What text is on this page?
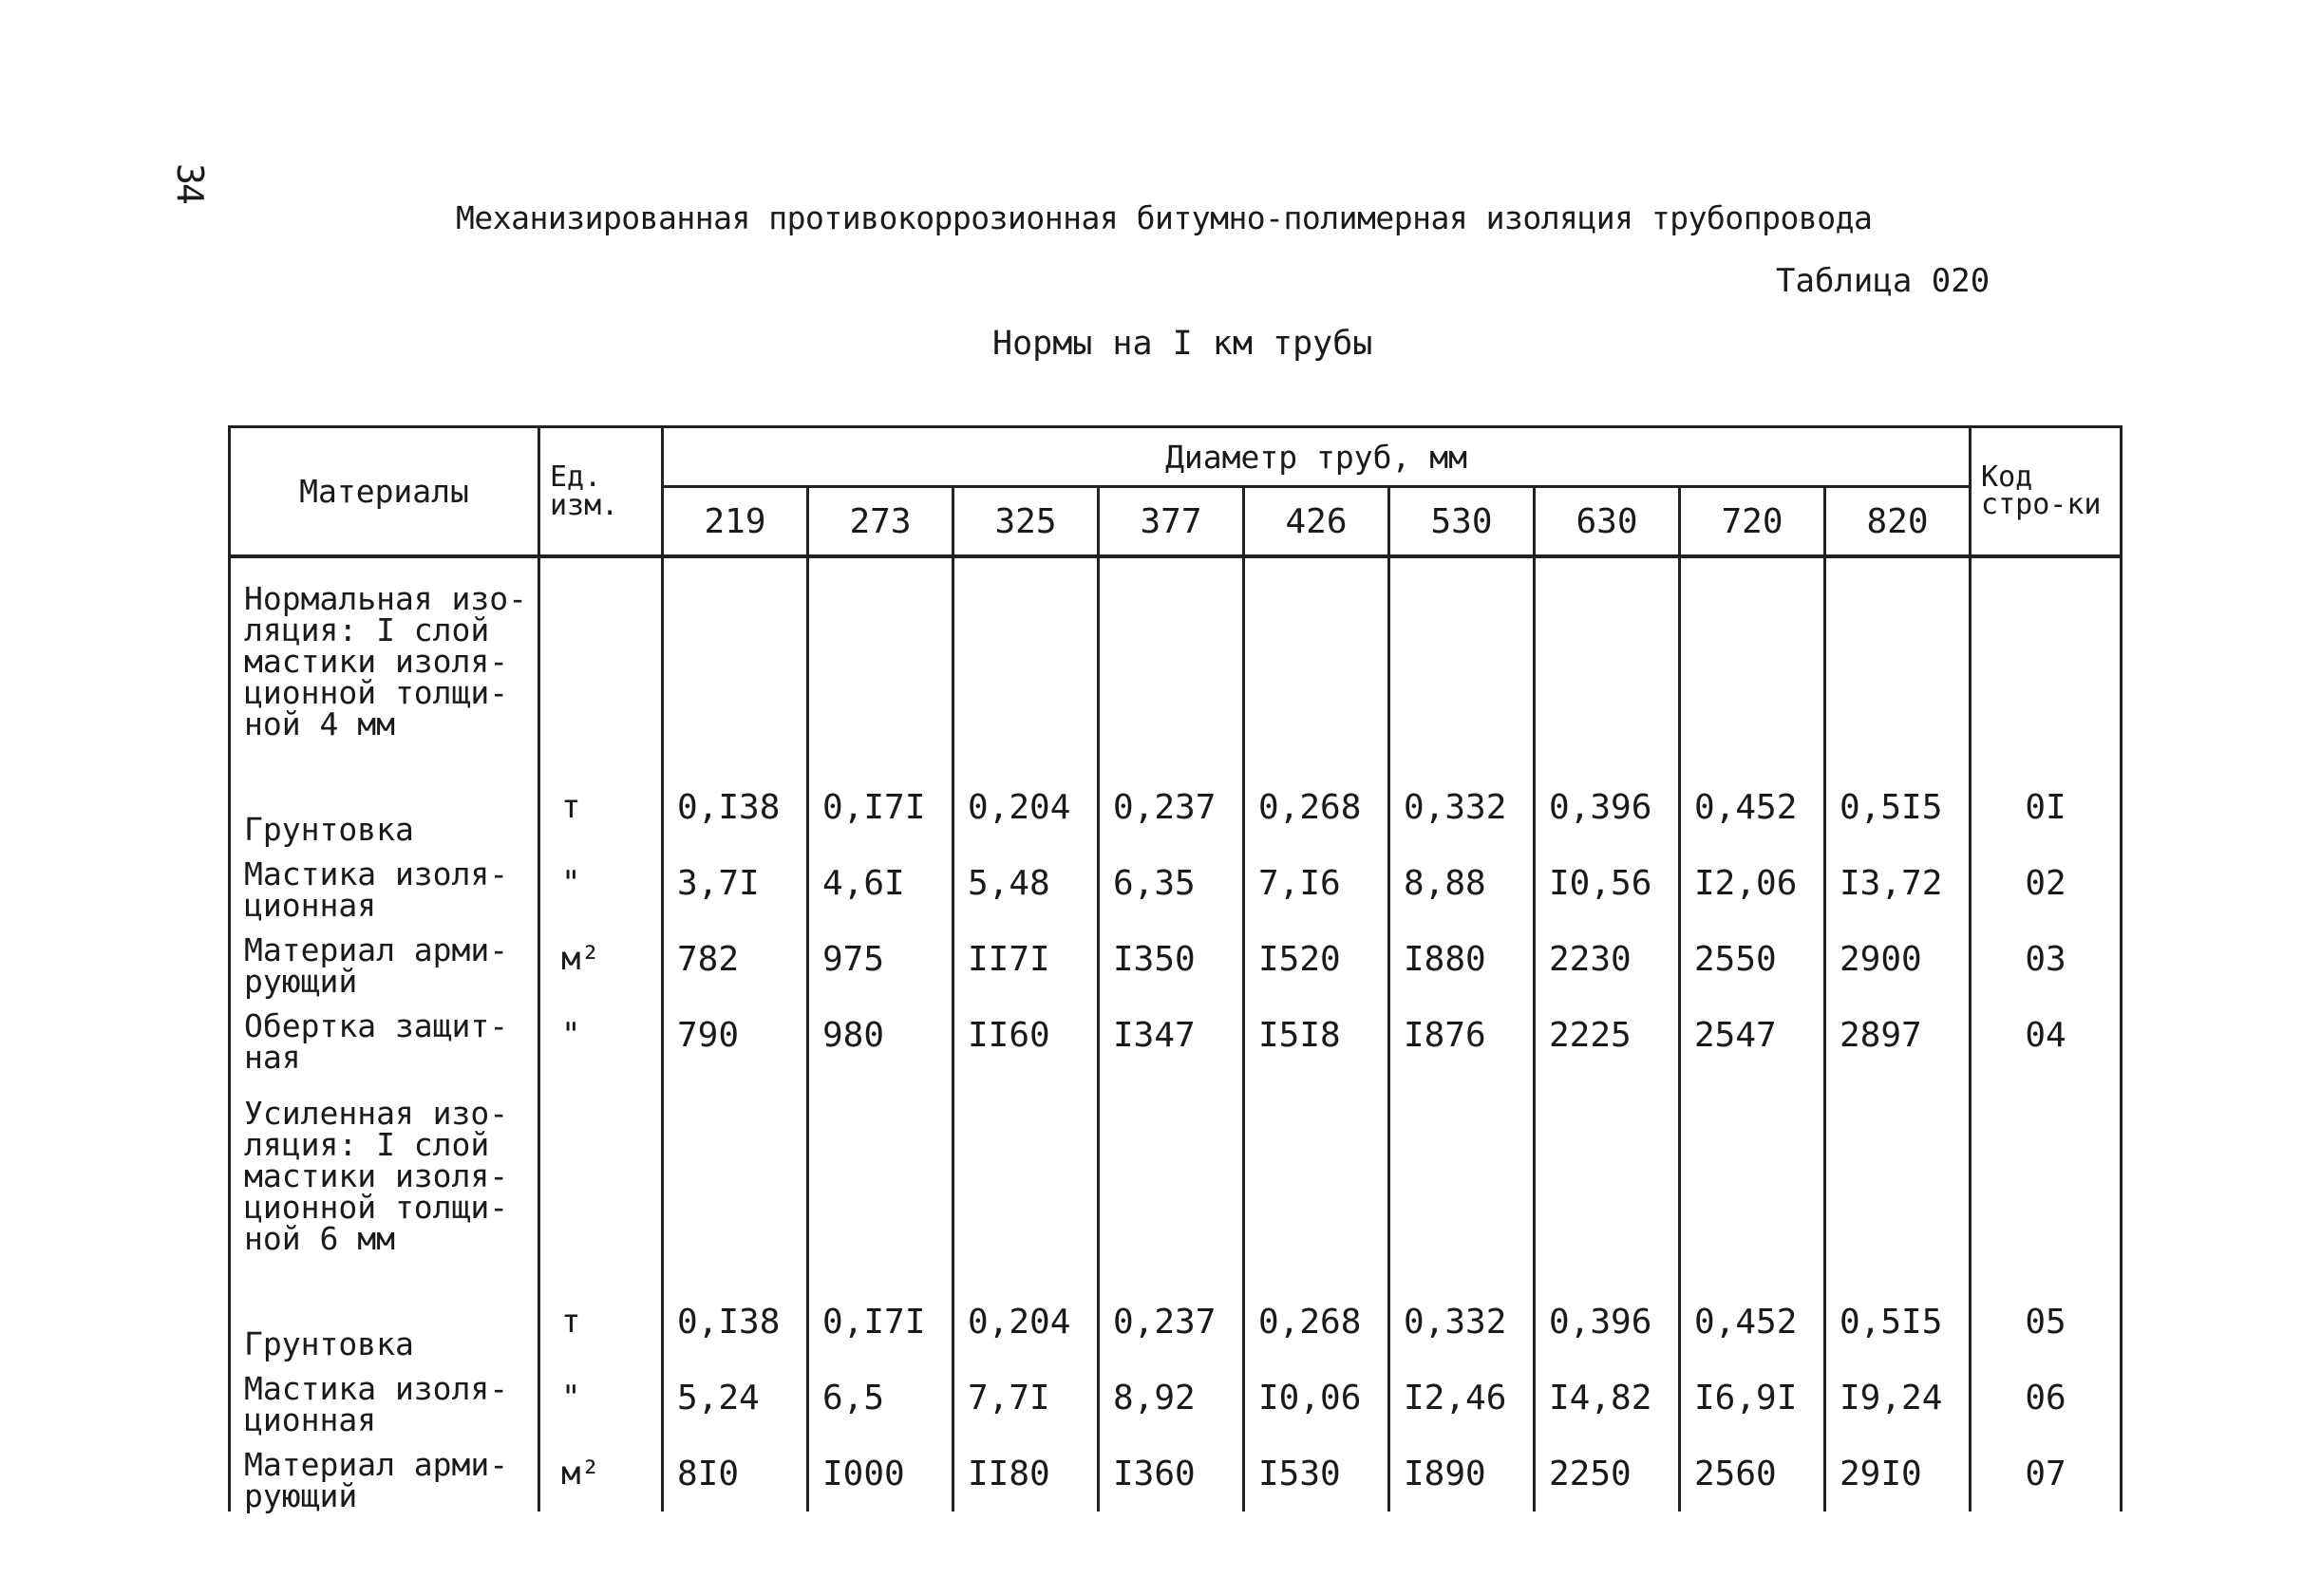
34
Механизированная противокоррозионная битумно-полимерная изоляция трубопровода
Таблица 020
Нормы на I км трубы
Материалы	Ед. изм.	Диаметр труб, мм									Код стро-ки
		219	273	325	377	426	530	630	720	820	
Нормальная изо-ляция: I слой мастики изоля-ционной толщи-ной 4 мм											
Грунтовка	т	0,I38	0,I7I	0,204	0,237	0,268	0,332	0,396	0,452	0,5I5	0I
Мастика изоля-ционная	"	3,7I	4,6I	5,48	6,35	7,I6	8,88	I0,56	I2,06	I3,72	02
Материал арми-рующий	м²	782	975	II7I	I350	I520	I880	2230	2550	2900	03
Обертка защит-ная	"	790	980	II60	I347	I5I8	I876	2225	2547	2897	04
Усиленная изо-ляция: I слой мастики изоля-ционной толщи-ной 6 мм											
Грунтовка	т	0,I38	0,I7I	0,204	0,237	0,268	0,332	0,396	0,452	0,5I5	05
Мастика изоля-ционная	"	5,24	6,5	7,7I	8,92	I0,06	I2,46	I4,82	I6,9I	I9,24	06
Материал арми-рующий	м²	8I0	I000	II80	I360	I530	I890	2250	2560	29I0	07
